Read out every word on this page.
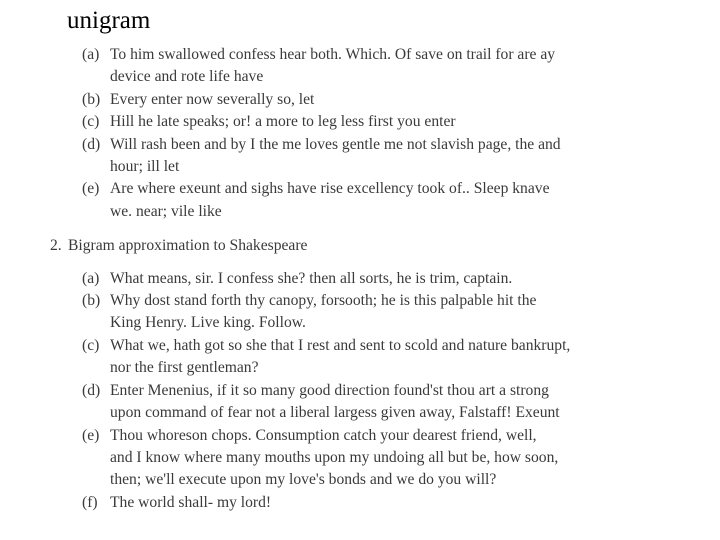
unigram
(a) To him swallowed confess hear both. Which. Of save on trail for are ay
device and rote life have
(b) Every enter now severally so, let
(c) Hill he late speaks; or! a more to leg less first you enter
(d) Will rash been and by I the me loves gentle me not slavish page, the and
hour; ill let
(e) Are where exeunt and sighs have rise excellency took of.. Sleep knave
we. near; vile like
2. Bigram approximation to Shakespeare
(a) What means, sir. I confess she? then all sorts, he is trim, captain.
(b) Why dost stand forth thy canopy, forsooth; he is this palpable hit the
King Henry. Live king. Follow.
(c) What we, hath got so she that I rest and sent to scold and nature bankrupt,
nor the first gentleman?
(d) Enter Menenius, if it so many good direction found'st thou art a strong
upon command of fear not a liberal largess given away, Falstaff! Exeunt
(e) Thou whoreson chops. Consumption catch your dearest friend, well,
and I know where many mouths upon my undoing all but be, how soon,
then; we'll execute upon my love's bonds and we do you will?
(f) The world shall- my lord!
